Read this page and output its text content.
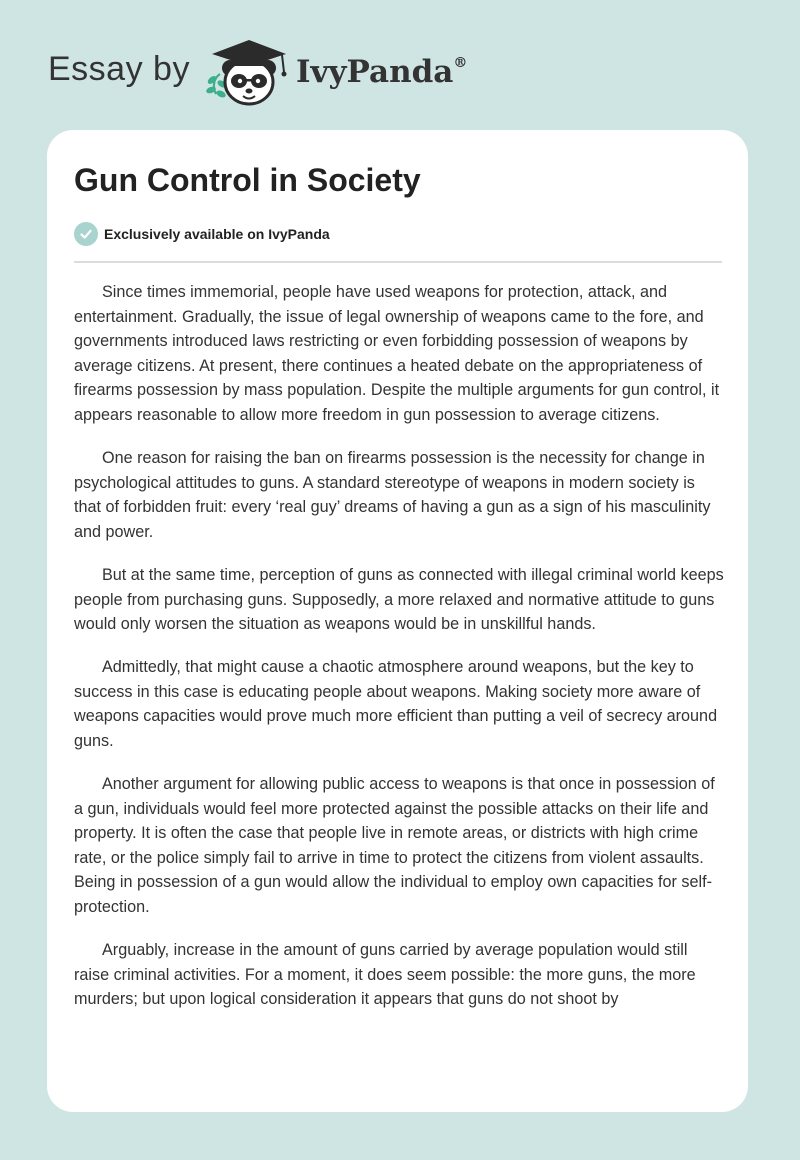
Essay by	IvyPanda®
Gun Control in Society
Exclusively available on IvyPanda

Since times immemorial, people have used weapons for protection, attack, and entertainment. Gradually, the issue of legal ownership of weapons came to the fore, and governments introduced laws restricting or even forbidding possession of weapons by average citizens. At present, there continues a heated debate on the appropriateness of firearms possession by mass population. Despite the multiple arguments for gun control, it appears reasonable to allow more freedom in gun possession to average citizens.

One reason for raising the ban on firearms possession is the necessity for change in psychological attitudes to guns. A standard stereotype of weapons in modern society is that of forbidden fruit: every ‘real guy’ dreams of having a gun as a sign of his masculinity and power.

But at the same time, perception of guns as connected with illegal criminal world keeps people from purchasing guns. Supposedly, a more relaxed and normative attitude to guns would only worsen the situation as weapons would be in unskillful hands.

Admittedly, that might cause a chaotic atmosphere around weapons, but the key to success in this case is educating people about weapons. Making society more aware of weapons capacities would prove much more efficient than putting a veil of secrecy around guns.

Another argument for allowing public access to weapons is that once in possession of a gun, individuals would feel more protected against the possible attacks on their life and property. It is often the case that people live in remote areas, or districts with high crime rate, or the police simply fail to arrive in time to protect the citizens from violent assaults. Being in possession of a gun would allow the individual to employ own capacities for self-protection.

Arguably, increase in the amount of guns carried by average population would still raise criminal activities. For a moment, it does seem possible: the more guns, the more murders; but upon logical consideration it appears that guns do not shoot by
